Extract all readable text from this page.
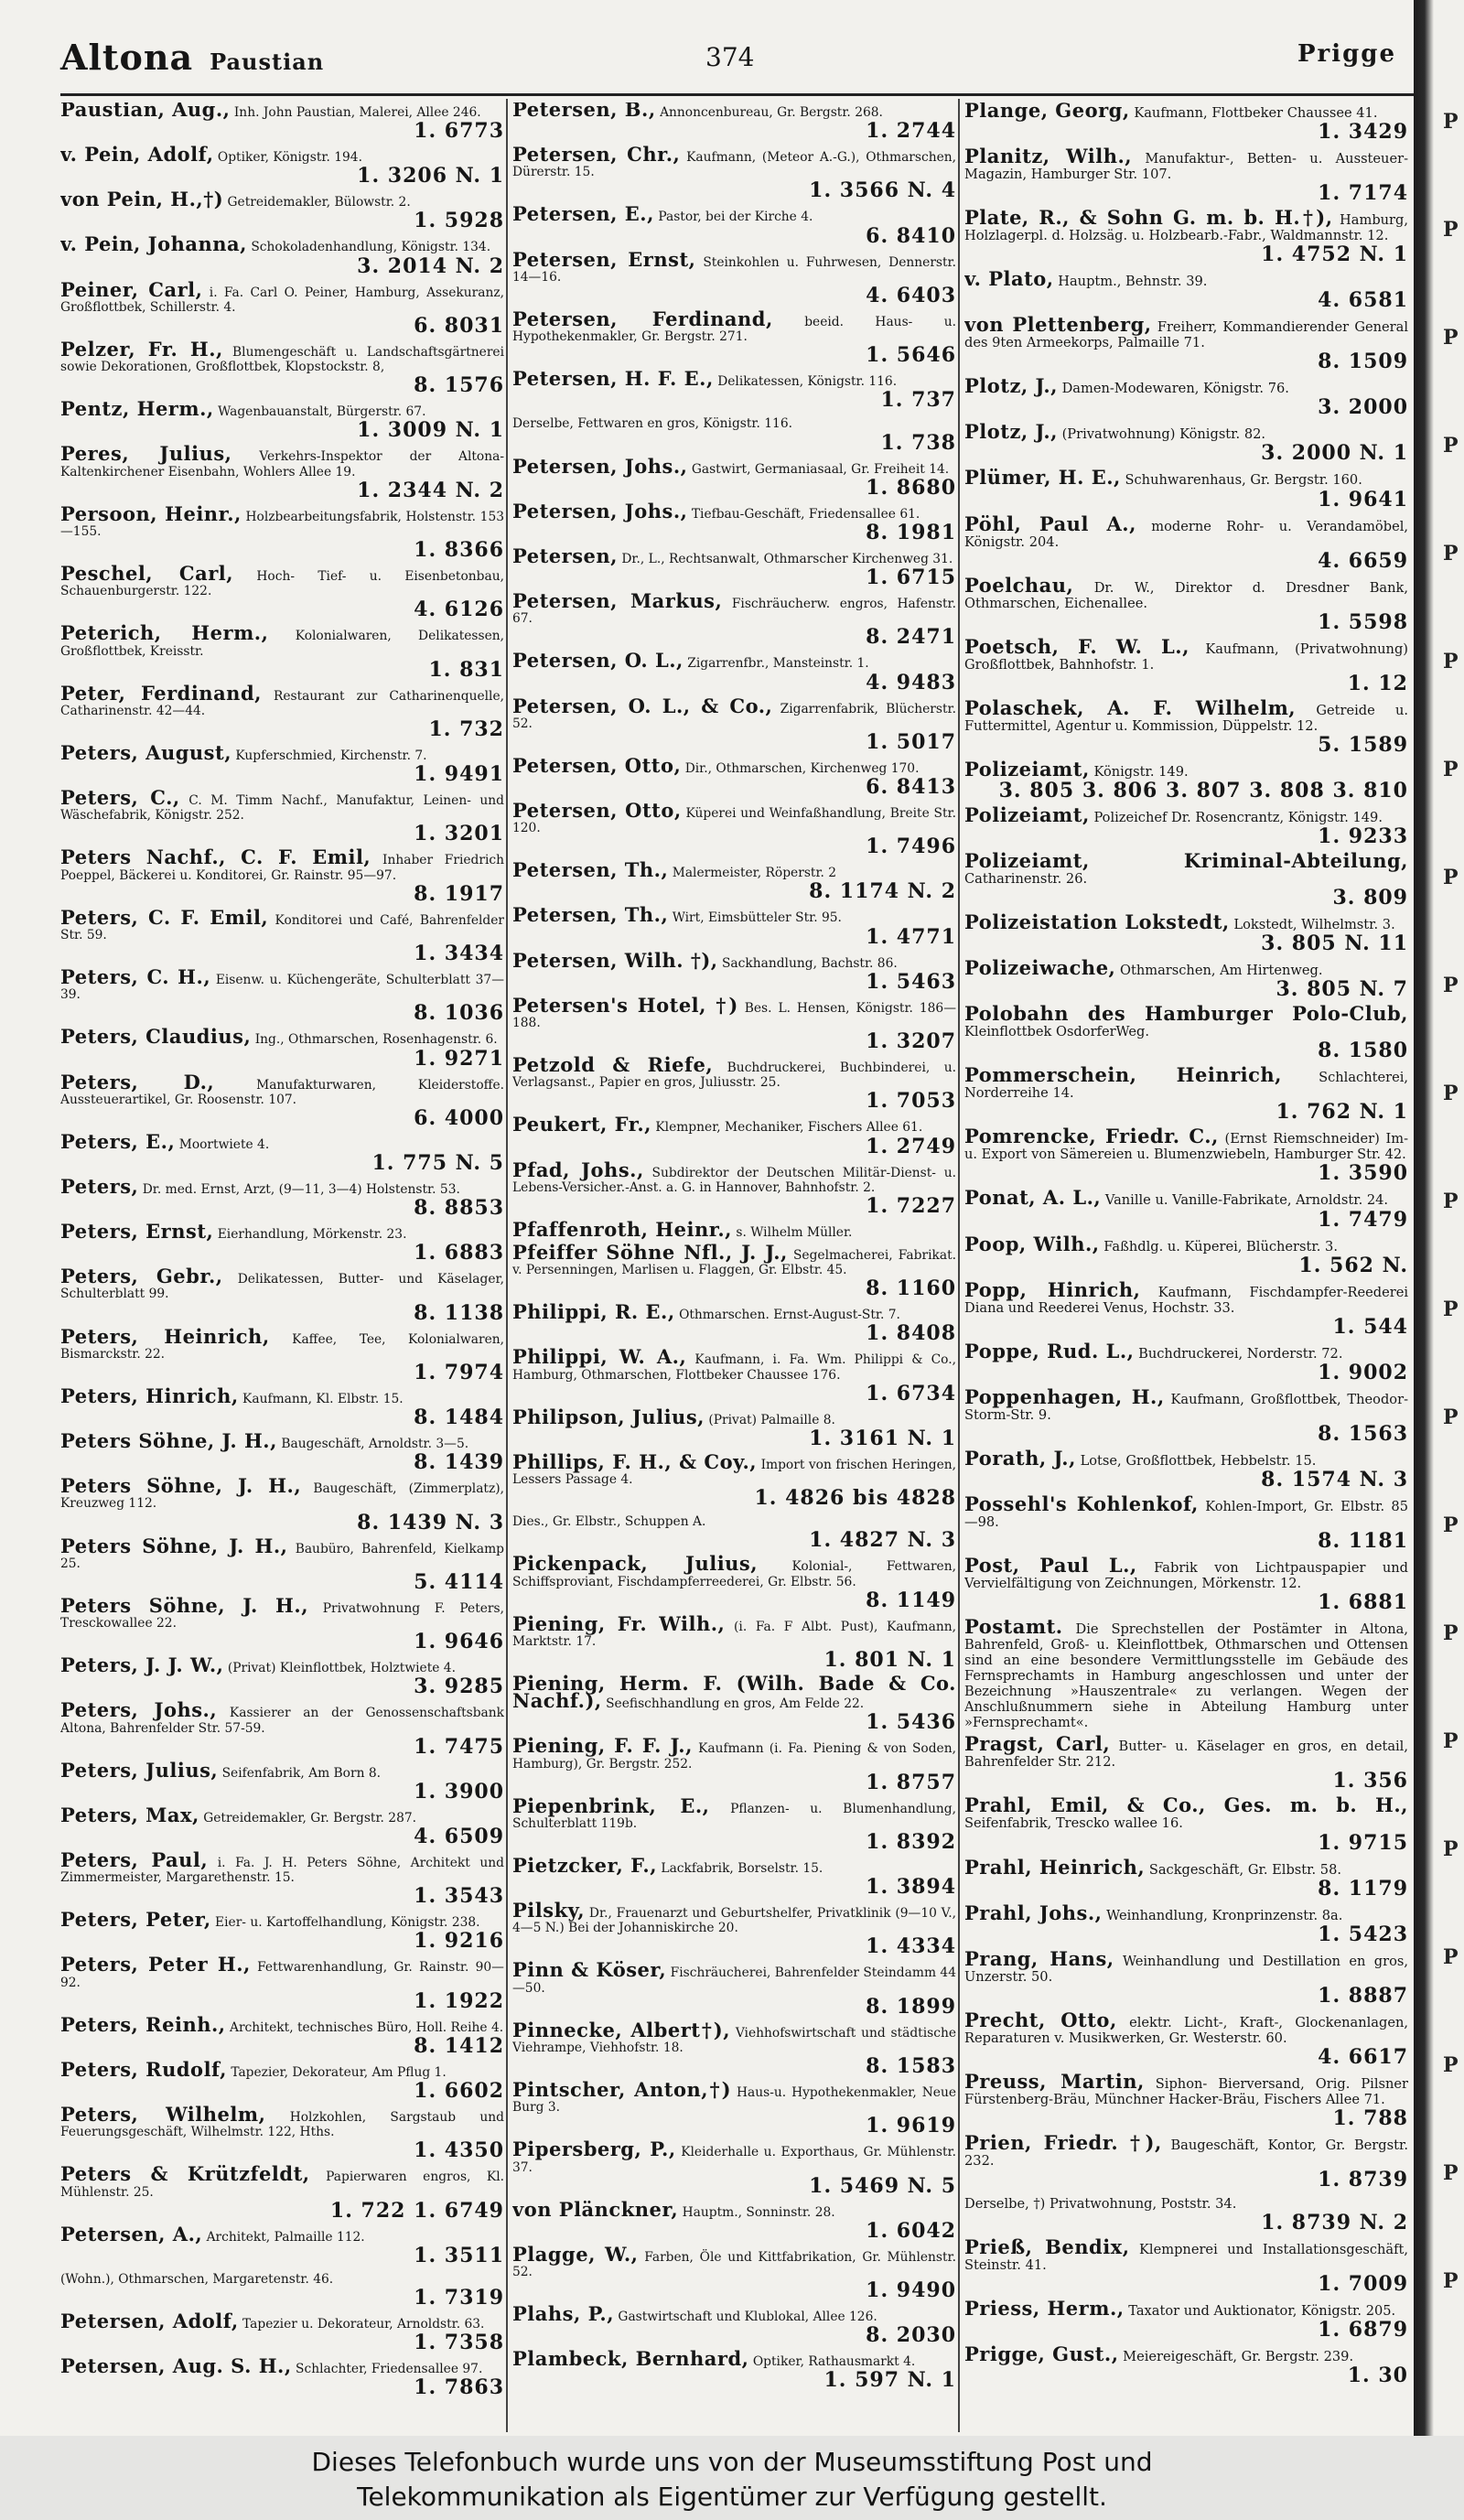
Altona Paustian	374	Prigge
Paustian, Aug., Inh. John Paustian, Malerei, Allee 246.
1. 6773
v. Pein, Adolf, Optiker, Königstr. 194.
1. 3206 N. 1
von Pein, H.,†) Getreidemakler, Bülowstr. 2.
1. 5928
v. Pein, Johanna, Schokoladenhandlung, Königstr. 134.
3. 2014 N. 2
Peiner, Carl, i. Fa. Carl O. Peiner, Hamburg, Assekuranz, Großflottbek, Schillerstr. 4.
6. 8031
Pelzer, Fr. H., Blumengeschäft u. Landschaftsgärtnerei sowie Dekorationen, Großflottbek, Klopstockstr. 8,
8. 1576
Pentz, Herm., Wagenbauanstalt, Bürgerstr. 67.
1. 3009 N. 1
Peres, Julius, Verkehrs-Inspektor der Altona-Kaltenkirchener Eisenbahn, Wohlers Allee 19.
1. 2344 N. 2
Persoon, Heinr., Holzbearbeitungsfabrik, Holstenstr. 153—155.
1. 8366
Peschel, Carl, Hoch- Tief- u. Eisenbetonbau, Schauenburgerstr. 122.
4. 6126
Peterich, Herm., Kolonialwaren, Delikatessen, Großflottbek, Kreisstr.
1. 831
Peter, Ferdinand, Restaurant zur Catharinenquelle, Catharinenstr. 42—44.
1. 732
Peters, August, Kupferschmied, Kirchenstr. 7.
1. 9491
Peters, C., C. M. Timm Nachf., Manufaktur, Leinen- und Wäschefabrik, Königstr. 252.
1. 3201
Peters Nachf., C. F. Emil, Inhaber Friedrich Poeppel, Bäckerei u. Konditorei, Gr. Rainstr. 95—97.
8. 1917
Peters, C. F. Emil, Konditorei und Café, Bahrenfelder Str. 59.
1. 3434
Peters, C. H., Eisenw. u. Küchengeräte, Schulterblatt 37—39.
8. 1036
Peters, Claudius, Ing., Othmarschen, Rosenhagenstr. 6.
1. 9271
Peters, D.,	Manufakturwaren, Kleiderstoffe. Aussteuerartikel, Gr. Roosenstr. 107.
6. 4000
Peters, E., Moortwiete 4.
1. 775 N. 5
Peters, Dr. med. Ernst, Arzt, (9—11, 3—4) Holstenstr. 53.
8. 8853
Peters, Ernst, Eierhandlung, Mörkenstr. 23.
1. 6883
Peters, Gebr., Delikatessen, Butter- und Käselager, Schulterblatt 99.
8. 1138
Peters, Heinrich, Kaffee, Tee, Kolonialwaren, Bismarckstr. 22.
1. 7974
Peters, Hinrich, Kaufmann, Kl. Elbstr. 15.
8. 1484
Peters Söhne, J. H., Baugeschäft, Arnoldstr. 3—5.
8. 1439
Peters Söhne, J. H., Baugeschäft, (Zimmerplatz), Kreuzweg 112.
8. 1439 N. 3
Peters Söhne, J. H., Baubüro, Bahrenfeld, Kielkamp 25.
5. 4114
Peters Söhne, J. H., Privatwohnung F. Peters, Tresckowallee 22.
1. 9646
Peters, J. J. W., (Privat) Kleinflottbek, Holztwiete 4.
3. 9285
Peters, Johs., Kassierer an der Genossenschaftsbank Altona, Bahrenfelder Str. 57-59.
1. 7475
Peters, Julius, Seifenfabrik, Am Born 8.
1. 3900
Peters, Max, Getreidemakler, Gr. Bergstr. 287.
4. 6509
Peters, Paul, i. Fa. J. H. Peters Söhne, Architekt und Zimmermeister, Margarethenstr. 15.
1. 3543
Peters, Peter, Eier- u. Kartoffelhandlung, Königstr. 238.
1. 9216
Peters, Peter H., Fettwarenhandlung, Gr. Rainstr. 90—92.
1. 1922
Peters, Reinh., Architekt, technisches Büro, Holl. Reihe 4.
8. 1412
Peters, Rudolf, Tapezier, Dekorateur, Am Pflug 1.
1. 6602
Peters, Wilhelm, Holzkohlen, Sargstaub und Feuerungsgeschäft, Wilhelmstr. 122, Hths.
1. 4350
Peters & Krützfeldt, Papierwaren engros, Kl. Mühlenstr. 25.
1. 722 1. 6749
Petersen, A., Architekt, Palmaille 112.
1. 3511
(Wohn.), Othmarschen, Margaretenstr. 46.
1. 7319
Petersen, Adolf, Tapezier u. Dekorateur, Arnoldstr. 63.
1. 7358
Petersen, Aug. S. H., Schlachter, Friedensallee 97.
1. 7863
Petersen, B., Annoncenbureau, Gr. Bergstr. 268.
1. 2744
Petersen, Chr., Kaufmann, (Meteor A.-G.), Othmarschen, Dürerstr. 15.
1. 3566 N. 4
Petersen, E., Pastor, bei der Kirche 4.
6. 8410
Petersen, Ernst, Steinkohlen u. Fuhrwesen, Dennerstr. 14—16.
4. 6403
Petersen, Ferdinand, beeid. Haus- u. Hypothekenmakler, Gr. Bergstr. 271.
1. 5646
Petersen, H. F. E., Delikatessen, Königstr. 116.
1. 737
Derselbe, Fettwaren en gros, Königstr. 116.
1. 738
Petersen, Johs., Gastwirt, Germaniasaal, Gr. Freiheit 14.
1. 8680
Petersen, Johs., Tiefbau-Geschäft, Friedensallee 61.
8. 1981
Petersen, Dr., L., Rechtsanwalt, Othmarscher Kirchenweg 31.
1. 6715
Petersen, Markus, Fischräucherw. engros, Hafenstr. 67.
8. 2471
Petersen, O. L., Zigarrenfbr., Mansteinstr. 1.
4. 9483
Petersen, O. L., & Co., Zigarrenfabrik, Blücherstr. 52.
1. 5017
Petersen, Otto, Dir., Othmarschen, Kirchenweg 170.
6. 8413
Petersen, Otto, Küperei und Weinfaßhandlung, Breite Str. 120.
1. 7496
Petersen, Th., Malermeister, Röperstr. 2
8. 1174 N. 2
Petersen, Th., Wirt, Eimsbütteler Str. 95.
1. 4771
Petersen, Wilh. †), Sackhandlung, Bachstr. 86.
1. 5463
Petersen's Hotel, †) Bes. L. Hensen, Königstr. 186—188.
1. 3207
Petzold & Riefe, Buchdruckerei, Buchbinderei, u. Verlagsanst., Papier en gros, Juliusstr. 25.
1. 7053
Peukert, Fr., Klempner, Mechaniker, Fischers Allee 61.
1. 2749
Pfad, Johs., Subdirektor der Deutschen Militär-Dienst- u. Lebens-Versicher.-Anst. a. G. in Hannover, Bahnhofstr. 2.
1. 7227
Pfaffenroth, Heinr., s. Wilhelm Müller.
Pfeiffer Söhne Nfl., J. J., Segelmacherei, Fabrikat. v. Persenningen, Marlisen u. Flaggen, Gr. Elbstr. 45.
8. 1160
Philippi, R. E., Othmarschen. Ernst-August-Str. 7.
1. 8408
Philippi, W. A., Kaufmann, i. Fa. Wm. Philippi & Co., Hamburg, Othmarschen, Flottbeker Chaussee 176.
1. 6734
Philipson, Julius, (Privat) Palmaille 8.
1. 3161 N. 1
Phillips, F. H., & Coy., Import von frischen Heringen, Lessers Passage 4.
1. 4826 bis 4828
Dies., Gr. Elbstr., Schuppen A.
1. 4827 N. 3
Pickenpack, Julius,	Kolonial-, Fettwaren, Schiffsproviant, Fischdampferreederei, Gr. Elbstr. 56.
8. 1149
Piening, Fr. Wilh., (i. Fa. F Albt. Pust), Kaufmann, Marktstr. 17.
1. 801 N. 1
Piening, Herm. F. (Wilh. Bade & Co. Nachf.), Seefischhandlung en gros, Am Felde 22.
1. 5436
Piening, F. F. J., Kaufmann (i. Fa. Piening & von Soden, Hamburg), Gr. Bergstr. 252.
1. 8757
Piepenbrink, E., Pflanzen- u. Blumenhandlung, Schulterblatt 119b.
1. 8392
Pietzcker, F., Lackfabrik, Borselstr. 15.
1. 3894
Pilsky, Dr., Frauenarzt und Geburtshelfer, Privatklinik (9—10 V., 4—5 N.) Bei der Johanniskirche 20.
1. 4334
Pinn & Köser, Fischräucherei, Bahrenfelder Steindamm 44—50.
8. 1899
Pinnecke, Albert†), Viehhofswirtschaft und städtische Viehrampe, Viehhofstr. 18.
8. 1583
Pintscher, Anton,†) Haus-u. Hypothekenmakler, Neue Burg 3.
1. 9619
Pipersberg, P., Kleiderhalle u. Exporthaus, Gr. Mühlenstr. 37.
1. 5469 N. 5
von Plänckner, Hauptm., Sonninstr. 28.
1. 6042
Plagge, W., Farben, Öle und Kittfabrikation, Gr. Mühlenstr. 52.
1. 9490
Plahs, P., Gastwirtschaft und Klublokal, Allee 126.
8. 2030
Plambeck, Bernhard, Optiker, Rathausmarkt 4.
1. 597 N. 1
Plange, Georg, Kaufmann, Flottbeker Chaussee 41.
1. 3429
Planitz, Wilh., Manufaktur-, Betten- u. Aussteuer-Magazin, Hamburger Str. 107.
1. 7174
Plate, R., & Sohn G. m. b. H.†), Hamburg, Holzlagerpl. d. Holzsäg. u. Holzbearb.-Fabr., Waldmannstr. 12.
1. 4752 N. 1
v. Plato, Hauptm., Behnstr. 39.
4. 6581
von Plettenberg, Freiherr, Kommandierender General des 9ten Armeekorps, Palmaille 71.
8. 1509
Plotz, J., Damen-Modewaren, Königstr. 76.
3. 2000
Plotz, J., (Privatwohnung) Königstr. 82.
3. 2000 N. 1
Plümer, H. E., Schuhwarenhaus, Gr. Bergstr. 160.
1. 9641
Pöhl, Paul A., moderne Rohr- u. Verandamöbel, Königstr. 204.
4. 6659
Poelchau, Dr. W., Direktor d. Dresdner Bank, Othmarschen, Eichenallee.
1. 5598
Poetsch, F. W. L., Kaufmann, (Privatwohnung) Großflottbek, Bahnhofstr. 1.
1. 12
Polaschek, A. F. Wilhelm, Getreide u. Futtermittel, Agentur u. Kommission, Düppelstr. 12.
5. 1589
Polizeiamt, Königstr. 149.
3. 805 3. 806 3. 807 3. 808 3. 810
Polizeiamt, Polizeichef Dr. Rosencrantz, Königstr. 149.
1. 9233
Polizeiamt, Kriminal-Abteilung, Catharinenstr. 26.
3. 809
Polizeistation Lokstedt, Lokstedt, Wilhelmstr. 3.
3. 805 N. 11
Polizeiwache, Othmarschen, Am Hirtenweg.
3. 805 N. 7
Polobahn des Hamburger Polo-Club, Kleinflottbek OsdorferWeg.
8. 1580
Pommerschein, Heinrich,	Schlachterei, Norderreihe 14.
1. 762 N. 1
Pomrencke, Friedr. C., (Ernst Riemschneider) Im- u. Export von Sämereien u. Blumenzwiebeln, Hamburger Str. 42.
1. 3590
Ponat, A. L., Vanille u. Vanille-Fabrikate, Arnoldstr. 24.
1. 7479
Poop, Wilh., Faßhdlg. u. Küperei, Blücherstr. 3.
1. 562 N.
Popp, Hinrich, Kaufmann, Fischdampfer-Reederei Diana und Reederei Venus, Hochstr. 33.
1. 544
Poppe, Rud. L., Buchdruckerei, Norderstr. 72.
1. 9002
Poppenhagen, H., Kaufmann, Großflottbek, Theodor-Storm-Str. 9.
8. 1563
Porath, J., Lotse, Großflottbek, Hebbelstr. 15.
8. 1574 N. 3
Possehl's Kohlenkof, Kohlen-Import, Gr. Elbstr. 85—98.
8. 1181
Post, Paul L., Fabrik von Lichtpauspapier und Vervielfältigung von Zeichnungen, Mörkenstr. 12.
1. 6881
Postamt. Die Sprechstellen der Postämter in Altona, Bahrenfeld, Groß- u. Kleinflottbek, Othmarschen und Ottensen sind an eine besondere Vermittlungsstelle im Gebäude des Fernsprechamts in Hamburg angeschlossen und unter der Bezeichnung »Hauszentrale« zu verlangen. Wegen der Anschlußnummern siehe in Abteilung Hamburg unter »Fernsprechamt«.
Pragst, Carl, Butter- u. Käselager en gros, en detail, Bahrenfelder Str. 212.
1. 356
Prahl, Emil, & Co., Ges. m. b. H., Seifenfabrik, Trescko wallee 16.
1. 9715
Prahl, Heinrich, Sackgeschäft, Gr. Elbstr. 58.
8. 1179
Prahl, Johs., Weinhandlung, Kronprinzenstr. 8a.
1. 5423
Prang, Hans, Weinhandlung und Destillation en gros, Unzerstr. 50.
1. 8887
Precht, Otto, elektr. Licht-, Kraft-, Glockenanlagen, Reparaturen v. Musikwerken, Gr. Westerstr. 60.
4. 6617
Preuss, Martin, Siphon- Bierversand, Orig. Pilsner Fürstenberg-Bräu, Münchner Hacker-Bräu, Fischers Allee 71.
1. 788
Prien, Friedr. †), Baugeschäft, Kontor, Gr. Bergstr. 232.
1. 8739
Derselbe, †) Privatwohnung, Poststr. 34.
1. 8739 N. 2
Prieß, Bendix, Klempnerei und Installationsgeschäft, Steinstr. 41.
1. 7009
Priess, Herm., Taxator und Auktionator, Königstr. 205.
1. 6879
Prigge, Gust., Meiereigeschäft, Gr. Bergstr. 239.
1. 30
P
P
P
P
P
P
P
P
P
P
P
P
P
P
P
P
P
P
P
P
P
Dieses Telefonbuch wurde uns von der Museumsstiftung Post und
Telekommunikation als Eigentümer zur Verfügung gestellt.
